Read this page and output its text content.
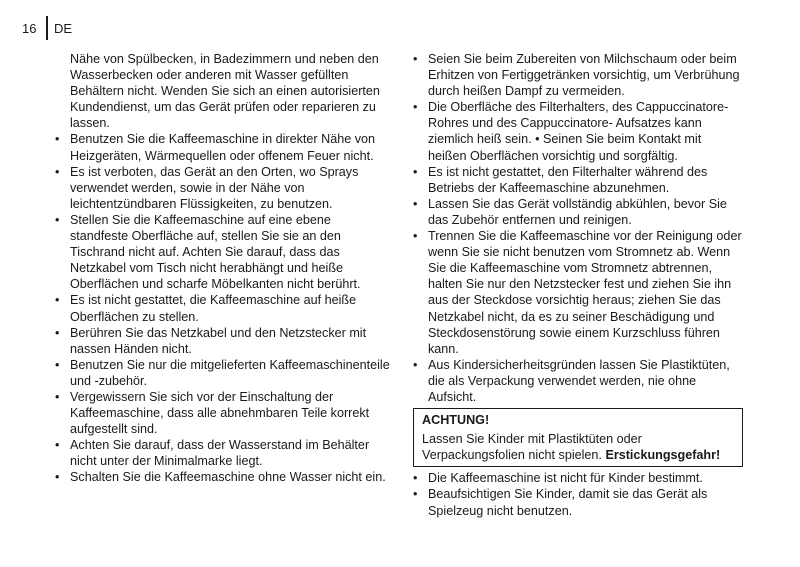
16	DE

Nähe von Spülbecken, in Badezimmern und neben den Wasserbecken oder anderen mit Wasser gefüllten Behältern nicht. Wenden Sie sich an einen autorisierten Kundendienst, um das Gerät prüfen oder reparieren zu lassen.

• Benutzen Sie die Kaffeemaschine in direkter Nähe von Heizgeräten, Wärmequellen oder offenem Feuer nicht.
• Es ist verboten, das Gerät an den Orten, wo Sprays verwendet werden, sowie in der Nähe von leichtentzündbaren Flüssigkeiten, zu benutzen.
• Stellen Sie die Kaffeemaschine auf eine ebene standfeste Oberfläche auf, stellen Sie sie an den Tischrand nicht auf. Achten Sie darauf, dass das Netzkabel vom Tisch nicht herabhängt und heiße Oberflächen und scharfe Möbelkanten nicht berührt.
• Es ist nicht gestattet, die Kaffeemaschine auf heiße Oberflächen zu stellen.
• Berühren Sie das Netzkabel und den Netzstecker mit nassen Händen nicht.
• Benutzen Sie nur die mitgelieferten Kaffeemaschinenteile und -zubehör.
• Vergewissern Sie sich vor der Einschaltung der Kaffeemaschine, dass alle abnehmbaren Teile korrekt aufgestellt sind.
• Achten Sie darauf, dass der Wasserstand im Behälter nicht unter der Minimalmarke liegt.
• Schalten Sie die Kaffeemaschine ohne Wasser nicht ein.
• Seien Sie beim Zubereiten von Milchschaum oder beim Erhitzen von Fertiggetränken vorsichtig, um Verbrühung durch heißen Dampf zu vermeiden.
• Die Oberfläche des Filterhalters, des Cappuccinatore-Rohres und des Cappuccinatore- Aufsatzes kann ziemlich heiß sein. • Seinen Sie beim Kontakt mit heißen Oberflächen vorsichtig und sorgfältig.
• Es ist nicht gestattet, den Filterhalter während des Betriebs der Kaffeemaschine abzunehmen.
• Lassen Sie das Gerät vollständig abkühlen, bevor Sie das Zubehör entfernen und reinigen.
• Trennen Sie die Kaffeemaschine vor der Reinigung oder wenn Sie sie nicht benutzen vom Stromnetz ab. Wenn Sie die Kaffeemaschine vom Stromnetz abtrennen, halten Sie nur den Netzstecker fest und ziehen Sie ihn aus der Steckdose vorsichtig heraus; ziehen Sie das Netzkabel nicht, da es zu seiner Beschädigung und Steckdosenstörung sowie einem Kurzschluss führen kann.
• Aus Kindersicherheitsgründen lassen Sie Plastiktüten, die als Verpackung verwendet werden, nie ohne Aufsicht.

ACHTUNG!

Lassen Sie Kinder mit Plastiktüten oder Verpackungsfolien nicht spielen. Erstickungsgefahr!

• Die Kaffeemaschine ist nicht für Kinder bestimmt.
• Beaufsichtigen Sie Kinder, damit sie das Gerät als Spielzeug nicht benutzen.
